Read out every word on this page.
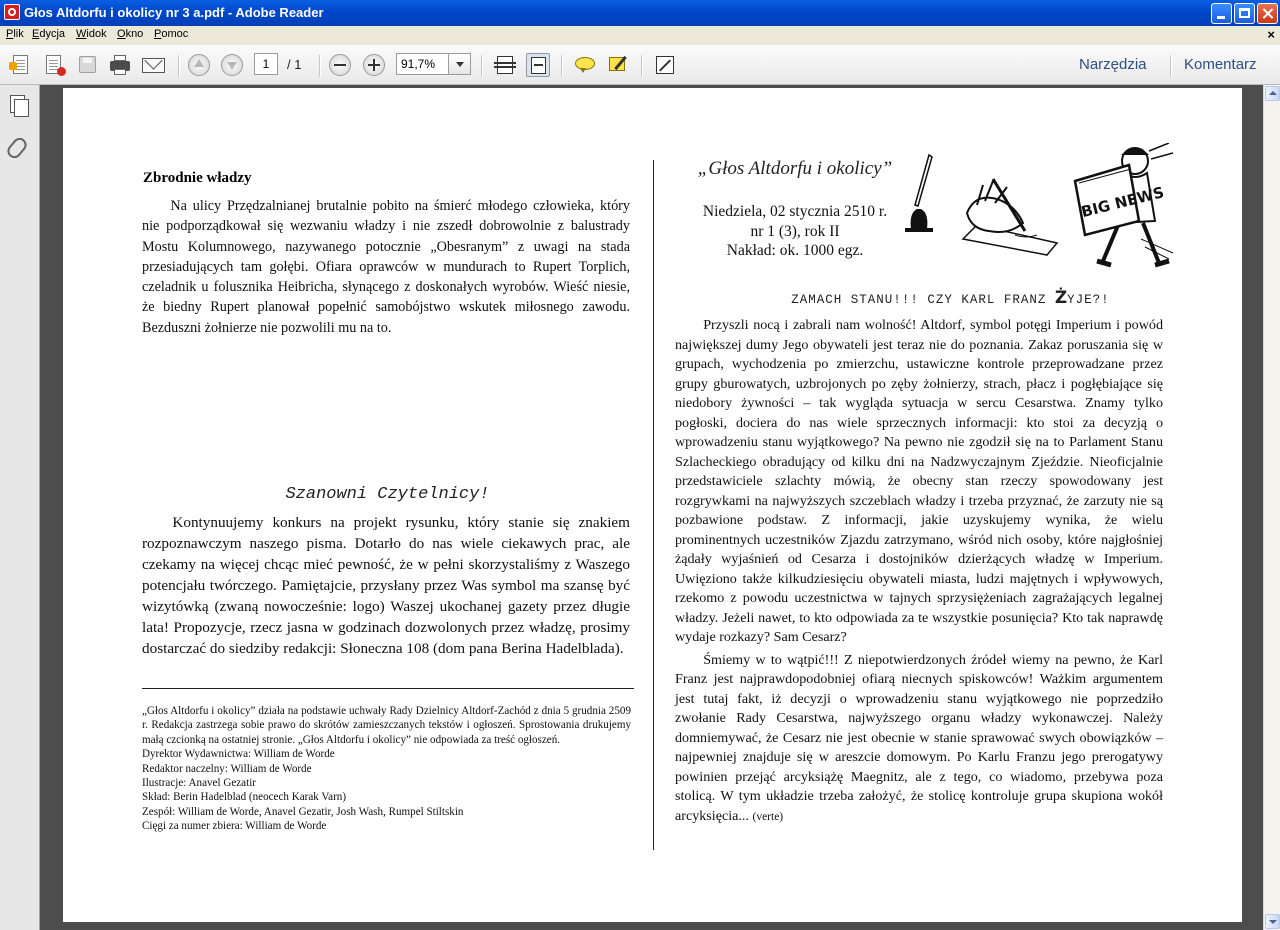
Głos Altdorfu i okolicy nr 3 a.pdf - Adobe Reader
Plik Edycja Widok Okno Pomoc	×
1	/ 1	91,7%	Narzędzia Komentarz
Zbrodnie władzy

Na ulicy Przędzalnianej brutalnie pobito na śmierć młodego człowieka, który nie podporządkował się wezwaniu władzy i nie zszedł dobrowolnie z balustrady Mostu Kolumnowego, nazywanego potocznie „Obesranym” z uwagi na stada przesiadujących tam gołębi. Ofiara oprawców w mundurach to Rupert Torplich, czeladnik u folusznika Heibricha, słynącego z doskonałych wyrobów. Wieść niesie, że biedny Rupert planował popełnić samobójstwo wskutek miłosnego zawodu. Bezduszni żołnierze nie pozwolili mu na to.

Szanowni Czytelnicy!

Kontynuujemy konkurs na projekt rysunku, który stanie się znakiem rozpoznawczym naszego pisma. Dotarło do nas wiele ciekawych prac, ale czekamy na więcej chcąc mieć pewność, że w pełni skorzystaliśmy z Waszego potencjału twórczego. Pamiętajcie, przysłany przez Was symbol ma szansę być wizytówką (zwaną nowocześnie: logo) Waszej ukochanej gazety przez długie lata! Propozycje, rzecz jasna w godzinach dozwolonych przez władzę, prosimy dostarczać do siedziby redakcji: Słoneczna 108 (dom pana Berina Hadelblada).

„Głos Altdorfu i okolicy” działa na podstawie uchwały Rady Dzielnicy Altdorf-Zachód z dnia 5 grudnia 2509 r. Redakcja zastrzega sobie prawo do skrótów zamieszczanych tekstów i ogłoszeń. Sprostowania drukujemy małą czcionką na ostatniej stronie. „Głos Altdorfu i okolicy” nie odpowiada za treść ogłoszeń.

Dyrektor Wydawnictwa: William de Worde

Redaktor naczelny: William de Worde

Ilustracje: Anavel Gezatir

Skład: Berin Hadelblad (neocech Karak Varn)

Zespół: William de Worde, Anavel Gezatir, Josh Wash, Rumpel Stiltskin

Cięgi za numer zbiera: William de Worde

„Głos Altdorfu i okolicy”

Niedziela, 02 stycznia 2510 r.

nr 1 (3), rok II

Nakład: ok. 1000 egz.

BIG NEWS
ZAMACH STANU!!! CZY KARL FRANZ ŻYJE?!

Przyszli nocą i zabrali nam wolność! Altdorf, symbol potęgi Imperium i powód największej dumy Jego obywateli jest teraz nie do poznania. Zakaz poruszania się w grupach, wychodzenia po zmierzchu, ustawiczne kontrole przeprowadzane przez grupy gburowatych, uzbrojonych po zęby żołnierzy, strach, płacz i pogłębiające się niedobory żywności – tak wygląda sytuacja w sercu Cesarstwa. Znamy tylko pogłoski, dociera do nas wiele sprzecznych informacji: kto stoi za decyzją o wprowadzeniu stanu wyjątkowego? Na pewno nie zgodził się na to Parlament Stanu Szlacheckiego obradujący od kilku dni na Nadzwyczajnym Zjeździe. Nieoficjalnie przedstawiciele szlachty mówią, że obecny stan rzeczy spowodowany jest rozgrywkami na najwyższych szczeblach władzy i trzeba przyznać, że zarzuty nie są pozbawione podstaw. Z informacji, jakie uzyskujemy wynika, że wielu prominentnych uczestników Zjazdu zatrzymano, wśród nich osoby, które najgłośniej żądały wyjaśnień od Cesarza i dostojników dzierżących władzę w Imperium. Uwięziono także kilkudziesięciu obywateli miasta, ludzi majętnych i wpływowych, rzekomo z powodu uczestnictwa w tajnych sprzysiężeniach zagrażających legalnej władzy. Jeżeli nawet, to kto odpowiada za te wszystkie posunięcia? Kto tak naprawdę wydaje rozkazy? Sam Cesarz?

Śmiemy w to wątpić!!! Z niepotwierdzonych źródeł wiemy na pewno, że Karl Franz jest najprawdopodobniej ofiarą niecnych spiskowców! Ważkim argumentem jest tutaj fakt, iż decyzji o wprowadzeniu stanu wyjątkowego nie poprzedziło zwołanie Rady Cesarstwa, najwyższego organu władzy wykonawczej. Należy domniemywać, że Cesarz nie jest obecnie w stanie sprawować swych obowiązków – najpewniej znajduje się w areszcie domowym. Po Karlu Franzu jego prerogatywy powinien przejąć arcyksiążę Maegnitz, ale z tego, co wiadomo, przebywa poza stolicą. W tym układzie trzeba założyć, że stolicę kontroluje grupa skupiona wokół arcyksięcia... (verte)
